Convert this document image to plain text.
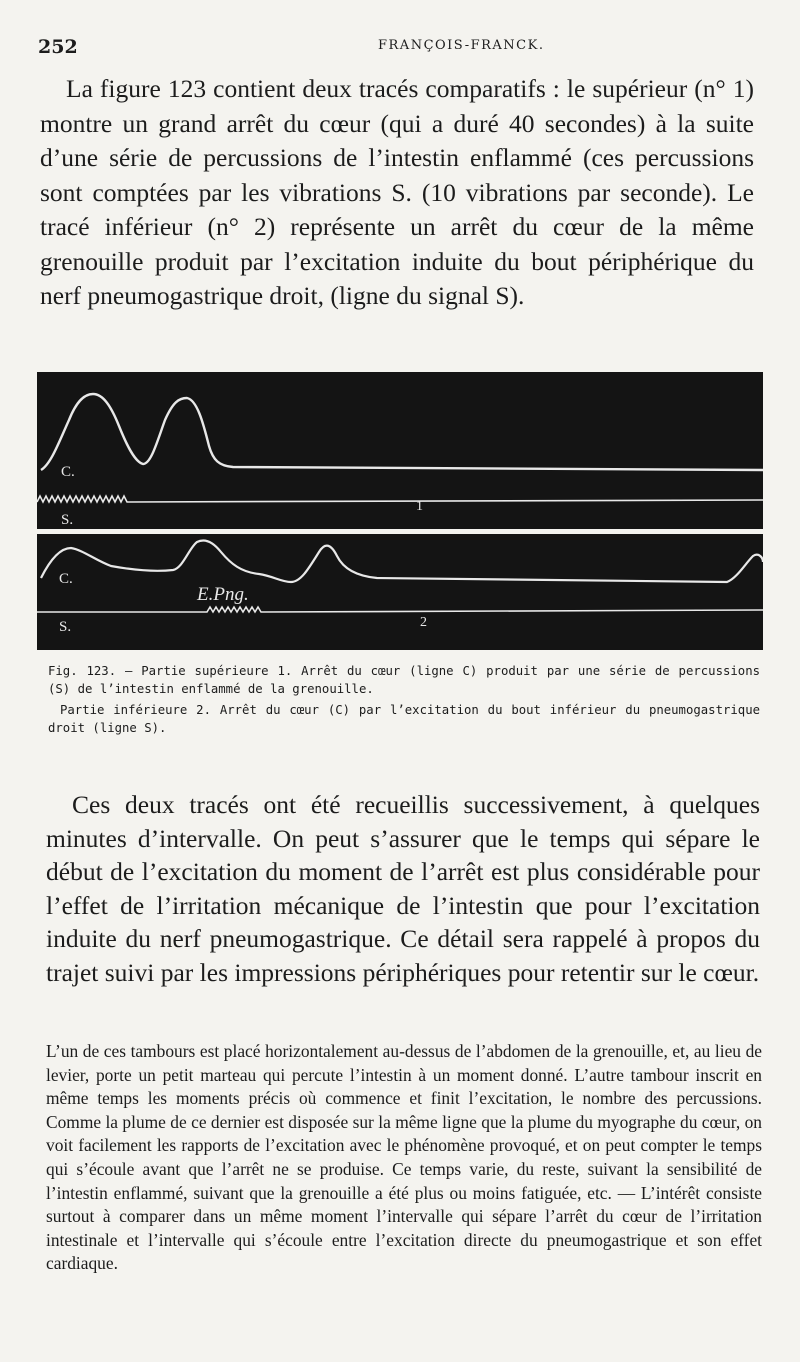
252	FRANÇOIS-FRANCK.

La figure 123 contient deux tracés comparatifs : le supérieur (n° 1) montre un grand arrêt du cœur (qui a duré 40 secondes) à la suite d’une série de percussions de l’intestin enflammé (ces percussions sont comptées par les vibrations S. (10 vibrations par seconde). Le tracé inférieur (n° 2) représente un arrêt du cœur de la même grenouille produit par l’excitation induite du bout périphérique du nerf pneumogastrique droit, (ligne du signal S).

C.
S.
1
C.
S.
E.Png.
2

Fig. 123. — Partie supérieure 1. Arrêt du cœur (ligne C) produit par une série de percussions (S) de l’intestin enflammé de la grenouille.

Partie inférieure 2. Arrêt du cœur (C) par l’excitation du bout inférieur du pneumogastrique droit (ligne S).

Ces deux tracés ont été recueillis successivement, à quelques minutes d’intervalle. On peut s’assurer que le temps qui sépare le début de l’excitation du moment de l’arrêt est plus considérable pour l’effet de l’irritation mécanique de l’intestin que pour l’excitation induite du nerf pneumogastrique. Ce détail sera rappelé à propos du trajet suivi par les impressions périphériques pour retentir sur le cœur.

L’un de ces tambours est placé horizontalement au-dessus de l’abdomen de la grenouille, et, au lieu de levier, porte un petit marteau qui percute l’intestin à un moment donné. L’autre tambour inscrit en même temps les moments précis où commence et finit l’excitation, le nombre des percussions. Comme la plume de ce dernier est disposée sur la même ligne que la plume du myographe du cœur, on voit facilement les rapports de l’excitation avec le phénomène provoqué, et on peut compter le temps qui s’écoule avant que l’arrêt ne se produise. Ce temps varie, du reste, suivant la sensibilité de l’intestin enflammé, suivant que la grenouille a été plus ou moins fatiguée, etc. — L’intérêt consiste surtout à comparer dans un même moment l’intervalle qui sépare l’arrêt du cœur de l’irritation intestinale et l’intervalle qui s’écoule entre l’excitation directe du pneumogastrique et son effet cardiaque.
